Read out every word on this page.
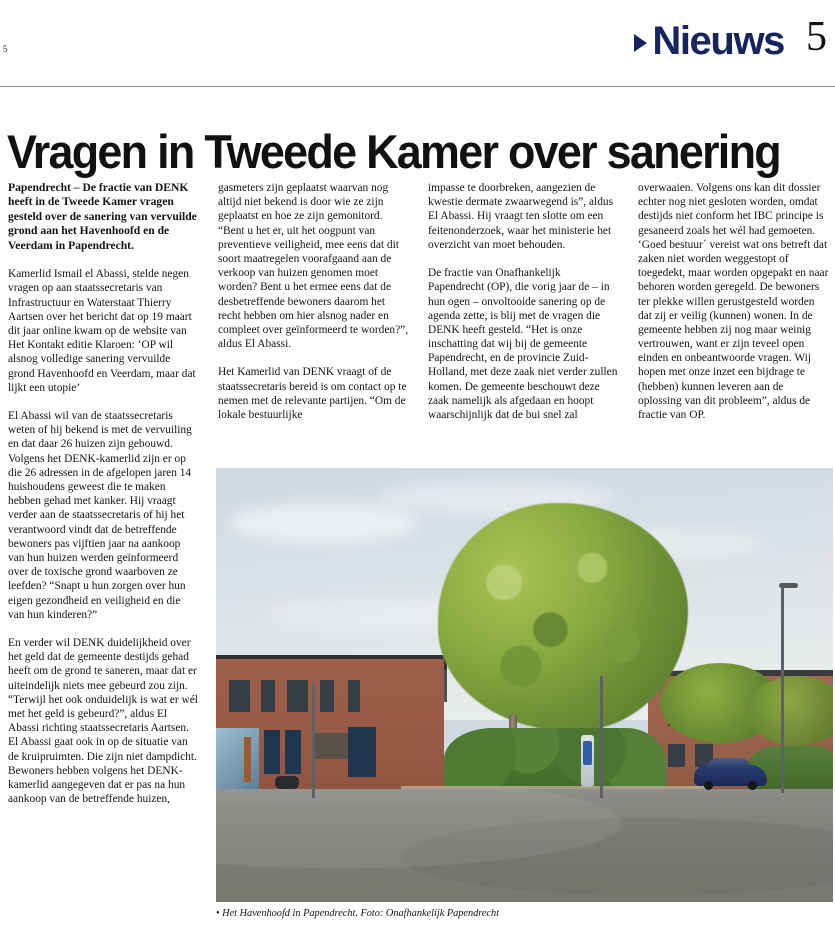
5	Nieuws 5
Vragen in Tweede Kamer over sanering

Papendrecht – De fractie van DENK heeft in de Tweede Kamer vragen gesteld over de sanering van vervuilde grond aan het Havenhoofd en de Veerdam in Papendrecht.

Kamerlid Ismail el Abassi, stelde negen vragen op aan staatssecretaris van Infrastructuur en Waterstaat Thierry Aartsen over het bericht dat op 19 maart dit jaar online kwam op de website van Het Kontakt editie Klaroen: ‘OP wil alsnog volledige sanering vervuilde grond Havenhoofd en Veerdam, maar dat lijkt een utopie’

El Abassi wil van de staatssecretaris weten of hij bekend is met de vervuiling en dat daar 26 huizen zijn gebouwd. Volgens het DENK-kamerlid zijn er op die 26 adressen in de afgelopen jaren 14 huishoudens geweest die te maken hebben gehad met kanker. Hij vraagt verder aan de staatssecretaris of hij het verantwoord vindt dat de betreffende bewoners pas vijftien jaar na aankoop van hun huizen werden geïnformeerd over de toxische grond waarboven ze leefden? “Snapt u hun zorgen over hun eigen gezondheid en veiligheid en die van hun kinderen?”

En verder wil DENK duidelijkheid over het geld dat de gemeente destijds gehad heeft om de grond te saneren, maar dat er uiteindelijk niets mee gebeurd zou zijn. “Terwijl het ook onduidelijk is wat er wél met het geld is gebeurd?”, aldus El Abassi richting staatssecretaris Aartsen. El Abassi gaat ook in op de situatie van de kruipruimten. Die zijn niet dampdicht. Bewoners hebben volgens het DENK-kamerlid aangegeven dat er pas na hun aankoop van de betreffende huizen,

gasmeters zijn geplaatst waarvan nog altijd niet bekend is door wie ze zijn geplaatst en hoe ze zijn gemonitord.

“Bent u het er, uit het oogpunt van preventieve veiligheid, mee eens dat dit soort maatregelen voorafgaand aan de verkoop van huizen genomen moet worden? Bent u het ermee eens dat de desbetreffende bewoners daarom het recht hebben om hier alsnog nader en compleet over geïnformeerd te worden?”, aldus El Abassi.

Het Kamerlid van DENK vraagt of de staatssecretaris bereid is om contact op te nemen met de relevante partijen. “Om de lokale bestuurlijke

impasse te doorbreken, aangezien de kwestie dermate zwaarwegend is”, aldus El Abassi. Hij vraagt ten slotte om een feitenonderzoek, waar het ministerie het overzicht van moet behouden.

De fractie van Onafhankelijk Papendrecht (OP), die vorig jaar de – in hun ogen – onvoltooide sanering op de agenda zette, is blij met de vragen die DENK heeft gesteld. “Het is onze inschatting dat wij bij de gemeente Papendrecht, en de provincie Zuid-Holland, met deze zaak niet verder zullen komen. De gemeente beschouwt deze zaak namelijk als afgedaan en hoopt waarschijnlijk dat de bui snel zal

overwaaien. Volgens ons kan dit dossier echter nog niet gesloten worden, omdat destijds niet conform het IBC principe is gesaneerd zoals het wél had gemoeten. ‘Goed bestuur´ vereist wat ons betreft dat zaken niet worden weggestopt of toegedekt, maar worden opgepakt en naar behoren worden geregeld. De bewoners ter plekke willen gerustgesteld worden dat zij er veilig (kunnen) wonen. In de gemeente hebben zij nog maar weinig vertrouwen, want er zijn teveel open einden en onbeantwoorde vragen. Wij hopen met onze inzet een bijdrage te (hebben) kunnen leveren aan de oplossing van dit probleem”, aldus de fractie van OP.

• Het Havenhoofd in Papendrecht. Foto: Onafhankelijk Papendrecht
